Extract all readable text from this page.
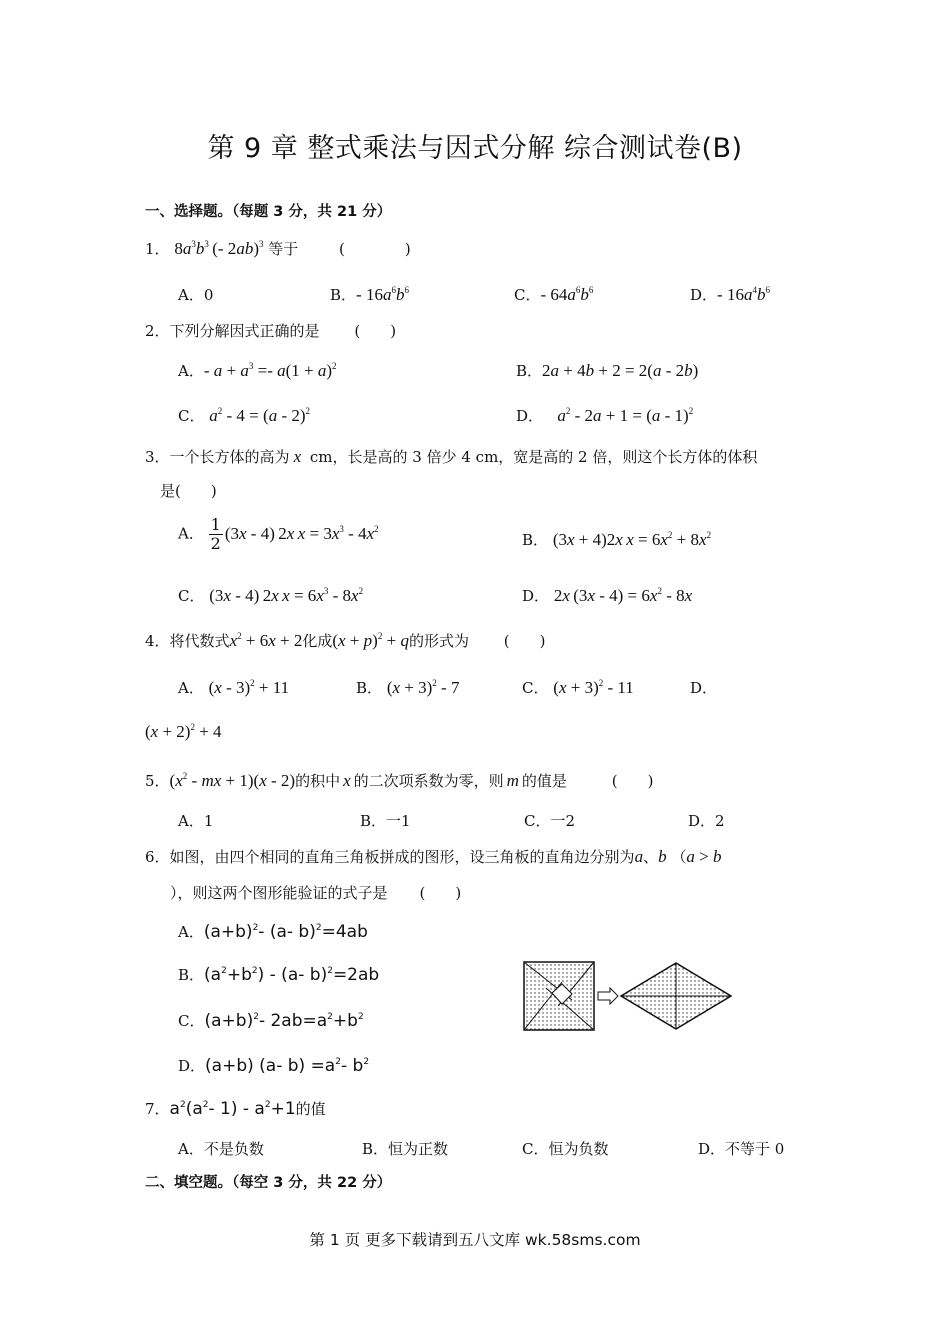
第 9 章 整式乘法与因式分解 综合测试卷(B)
一、选择题。（每题 3 分，共 21 分）
1． $8a^3b^3$  (- 2ab)$^3$ 等于	(　　　　)
A．0	B．- $16a^6b^6$	C．- $64a^6b^6$	D．- $16a^4b^6$
2．下列分解因式正确的是 (　　)
A．- $a + a^3 =- a(1 + a)^2$	B．2a + 4b + 2 = 2(a - 2b)
C． $a^2 - 4 = (a - 2)^2$	D． $a^2 - 2a + 1 = (a - 1)^2$
3．一个长方体的高为 x cm，长是高的 3 倍少 4 cm，宽是高的 2 倍，则这个长方体的体积
是(　　)
A． $\frac{1}{2} (3x - 4)$  2x  $x = 3x^3 - 4x^2$
B． (3x + 4)2x  $x = 6x^2 + 8x^2$
C． (3x - 4)  2x  $x = 6x^3 - 8x^2$	D． 2x  $(3x - 4) = 6x^2 - 8x$
4．将代数式$x^2 + 6x + 2$化成$(x + p)^2 + q$的形式为 (　　)
A． (x - 3)$^2$ + 11	B． $(x + 3)^2 - 7$	C． $(x + 3)^2 - 11$	D．
$(x + 2)^2 + 4$
5．($x^2$ - mx + 1)(x - 2)的积中 x 的二次项系数为零，则 m 的值是	(　　)
A．1	B．一1	C．一2	D．2
6．如图，由四个相同的直角三角板拼成的图形，设三角板的直角边分别为a、b （a > b
），则这两个图形能验证的式子是 (　　)
A．$(a+b)^2-$ (a- b)$^2$=4ab
B．$(a^2+b^2) - (a-$ b)$^2$=2ab
C．$(a+b)^2-$ $2ab=a^2+b^2$
D．(a+b) (a- $b) =a^2-$ $b^2$
7．$a^2(a^2-$ $1) - a^2+1$的值
A．不是负数	B．恒为正数	C．恒为负数	D．不等于 0
二、填空题。（每空 3 分，共 22 分）
第 1 页 更多下载请到五八文库 wk.58sms.com
